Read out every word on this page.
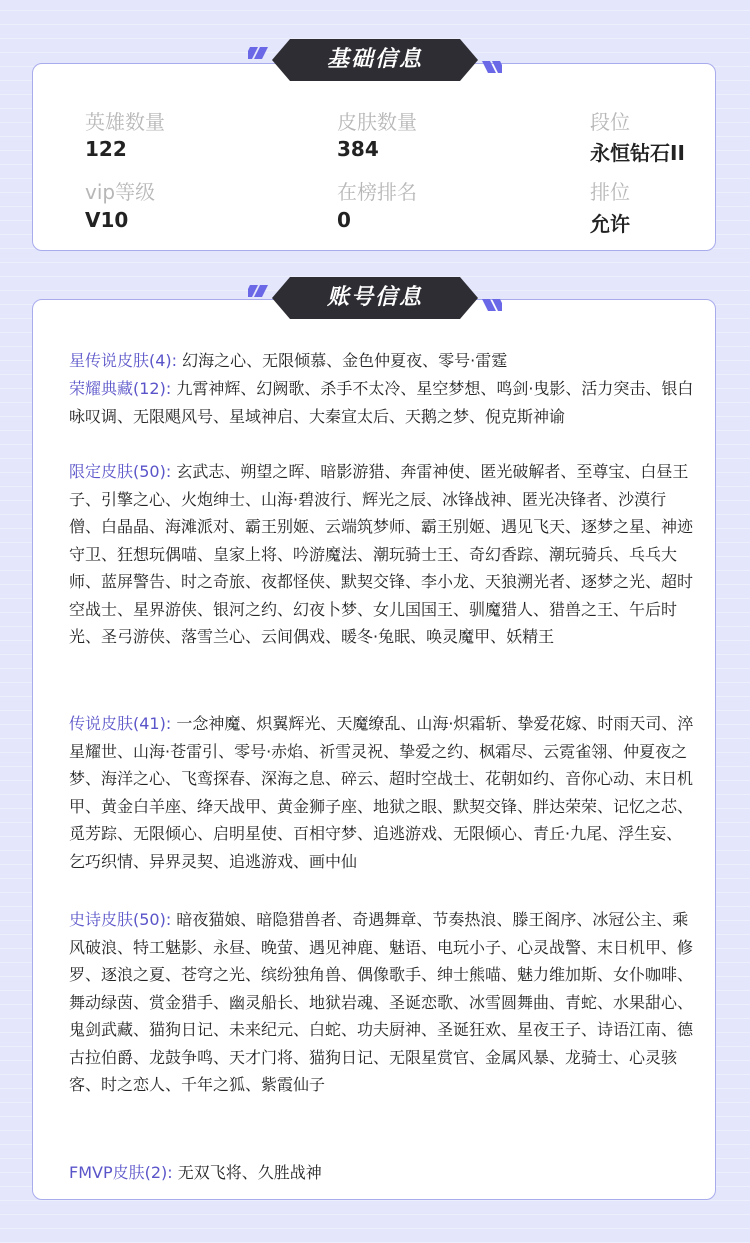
英雄数量
122
皮肤数量
384
段位
永恒钻石II
vip等级
V10
在榜排名
0
排位
允许
基础信息

星传说皮肤(4): 幻海之心、无限倾慕、金色仲夏夜、零号·雷霆

荣耀典藏(12): 九霄神辉、幻阙歌、杀手不太冷、星空梦想、鸣剑·曳影、活力突击、银白咏叹调、无限飓风号、星域神启、大秦宣太后、天鹅之梦、倪克斯神谕

限定皮肤(50): 玄武志、朔望之晖、暗影游猎、奔雷神使、匿光破解者、至尊宝、白昼王子、引擎之心、火炮绅士、山海·碧波行、辉光之辰、冰锋战神、匿光决锋者、沙漠行僧、白晶晶、海滩派对、霸王别姬、云端筑梦师、霸王别姬、遇见飞天、逐梦之星、神迹守卫、狂想玩偶喵、皇家上将、吟游魔法、潮玩骑士王、奇幻香踪、潮玩骑兵、乓乓大师、蓝屏警告、时之奇旅、夜都怪侠、默契交锋、李小龙、天狼溯光者、逐梦之光、超时空战士、星界游侠、银河之约、幻夜卜梦、女儿国国王、驯魔猎人、猎兽之王、午后时光、圣弓游侠、落雪兰心、云间偶戏、暖冬·兔眠、唤灵魔甲、妖精王

传说皮肤(41): 一念神魔、炽翼辉光、天魔缭乱、山海·炽霜斩、挚爱花嫁、时雨天司、淬星耀世、山海·苍雷引、零号·赤焰、祈雪灵祝、挚爱之约、枫霜尽、云霓雀翎、仲夏夜之梦、海洋之心、飞鸾探春、深海之息、碎云、超时空战士、花朝如约、音你心动、末日机甲、黄金白羊座、绛天战甲、黄金狮子座、地狱之眼、默契交锋、胖达荣荣、记忆之芯、觅芳踪、无限倾心、启明星使、百相守梦、追逃游戏、无限倾心、青丘·九尾、浮生妄、乞巧织情、异界灵契、追逃游戏、画中仙

史诗皮肤(50): 暗夜猫娘、暗隐猎兽者、奇遇舞章、节奏热浪、滕王阁序、冰冠公主、乘风破浪、特工魅影、永昼、晚萤、遇见神鹿、魅语、电玩小子、心灵战警、末日机甲、修罗、逐浪之夏、苍穹之光、缤纷独角兽、偶像歌手、绅士熊喵、魅力维加斯、女仆咖啡、舞动绿茵、赏金猎手、幽灵船长、地狱岩魂、圣诞恋歌、冰雪圆舞曲、青蛇、水果甜心、鬼剑武藏、猫狗日记、未来纪元、白蛇、功夫厨神、圣诞狂欢、星夜王子、诗语江南、德古拉伯爵、龙鼓争鸣、天才门将、猫狗日记、无限星赏官、金属风暴、龙骑士、心灵骇客、时之恋人、千年之狐、紫霞仙子

FMVP皮肤(2): 无双飞将、久胜战神

账号信息
